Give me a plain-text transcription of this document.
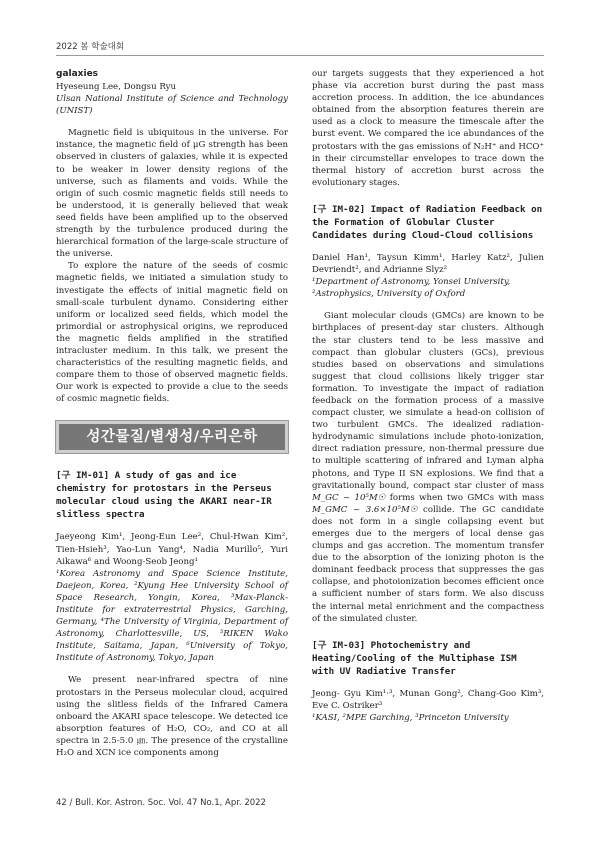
2022 봄 학술대회
galaxies

Hyeseung Lee, Dongsu Ryu

Ulsan National Institute of Science and Technology (UNIST)

Magnetic field is ubiquitous in the universe. For instance, the magnetic field of μG strength has been observed in clusters of galaxies, while it is expected to be weaker in lower density regions of the universe, such as filaments and voids. While the origin of such cosmic magnetic fields still needs to be understood, it is generally believed that weak seed fields have been amplified up to the observed strength by the turbulence produced during the hierarchical formation of the large-scale structure of the universe.

To explore the nature of the seeds of cosmic magnetic fields, we initiated a simulation study to investigate the effects of initial magnetic field on small-scale turbulent dynamo. Considering either uniform or localized seed fields, which model the primordial or astrophysical origins, we reproduced the magnetic fields amplified in the stratified intracluster medium. In this talk, we present the characteristics of the resulting magnetic fields, and compare them to those of observed magnetic fields. Our work is expected to provide a clue to the seeds of cosmic magnetic fields.

성간물질/별생성/우리은하
[구 IM-01] A study of gas and ice chemistry for protostars in the Perseus molecular cloud using the AKARI near-IR slitless spectra

Jaeyeong Kim¹, Jeong-Eun Lee², Chul-Hwan Kim², Tien-Hsieh³, Yao-Lun Yang⁴, Nadia Murillo⁵, Yuri Aikawa⁶ and Woong-Seob Jeong¹

¹Korea Astronomy and Space Science Institute, Daejeon, Korea, ²Kyung Hee University School of Space Research, Yongin, Korea, ³Max-Planck-Institute for extraterrestrial Physics, Garching, Germany, ⁴The University of Virginia, Department of Astronomy, Charlottesville, US, ⁵RIKEN Wako Institute, Saitama, Japan, ⁶University of Tokyo, Institute of Astronomy, Tokyo, Japan

We present near-infrared spectra of nine protostars in the Perseus molecular cloud, acquired using the slitless fields of the Infrared Camera onboard the AKARI space telescope. We detected ice absorption features of H₂O, CO₂, and CO at all spectra in 2.5-5.0 ㎛. The presence of the crystalline H₂O and XCN ice components among

our targets suggests that they experienced a hot phase via accretion burst during the past mass accretion process. In addition, the ice abundances obtained from the absorption features therein are used as a clock to measure the timescale after the burst event. We compared the ice abundances of the protostars with the gas emissions of N₂H⁺ and HCO⁺ in their circumstellar envelopes to trace down the thermal history of accretion burst across the evolutionary stages.

[구 IM-02] Impact of Radiation Feedback on the Formation of Globular Cluster Candidates during Cloud-Cloud collisions

Daniel Han¹, Taysun Kimm¹, Harley Katz², Julien Devriendt², and Adrianne Slyz²

¹Department of Astronomy, Yonsei University,

²Astrophysics, University of Oxford

Giant molecular clouds (GMCs) are known to be birthplaces of present-day star clusters. Although the star clusters tend to be less massive and compact than globular clusters (GCs), previous studies based on observations and simulations suggest that cloud collisions likely trigger star formation. To investigate the impact of radiation feedback on the formation process of a massive compact cluster, we simulate a head-on collision of two turbulent GMCs. The idealized radiation-hydrodynamic simulations include photo-ionization, direct radiation pressure, non-thermal pressure due to multiple scattering of infrared and Lyman alpha photons, and Type II SN explosions. We find that a gravitationally bound, compact star cluster of mass M_GC ~ 10⁵M☉ forms when two GMCs with mass M_GMC ~ 3.6×10⁵M☉ collide. The GC candidate does not form in a single collapsing event but emerges due to the mergers of local dense gas clumps and gas accretion. The momentum transfer due to the absorption of the ionizing photon is the dominant feedback process that suppresses the gas collapse, and photoionization becomes efficient once a sufficient number of stars form. We also discuss the internal metal enrichment and the compactness of the simulated cluster.

[구 IM-03] Photochemistry and Heating/Cooling of the Multiphase ISM with UV Radiative Transfer

Jeong- Gyu Kim¹·³, Munan Gong², Chang-Goo Kim³, Eve C. Ostriker³

¹KASI, ²MPE Garching, ³Princeton University

42 / Bull. Kor. Astron. Soc. Vol. 47 No.1, Apr. 2022
